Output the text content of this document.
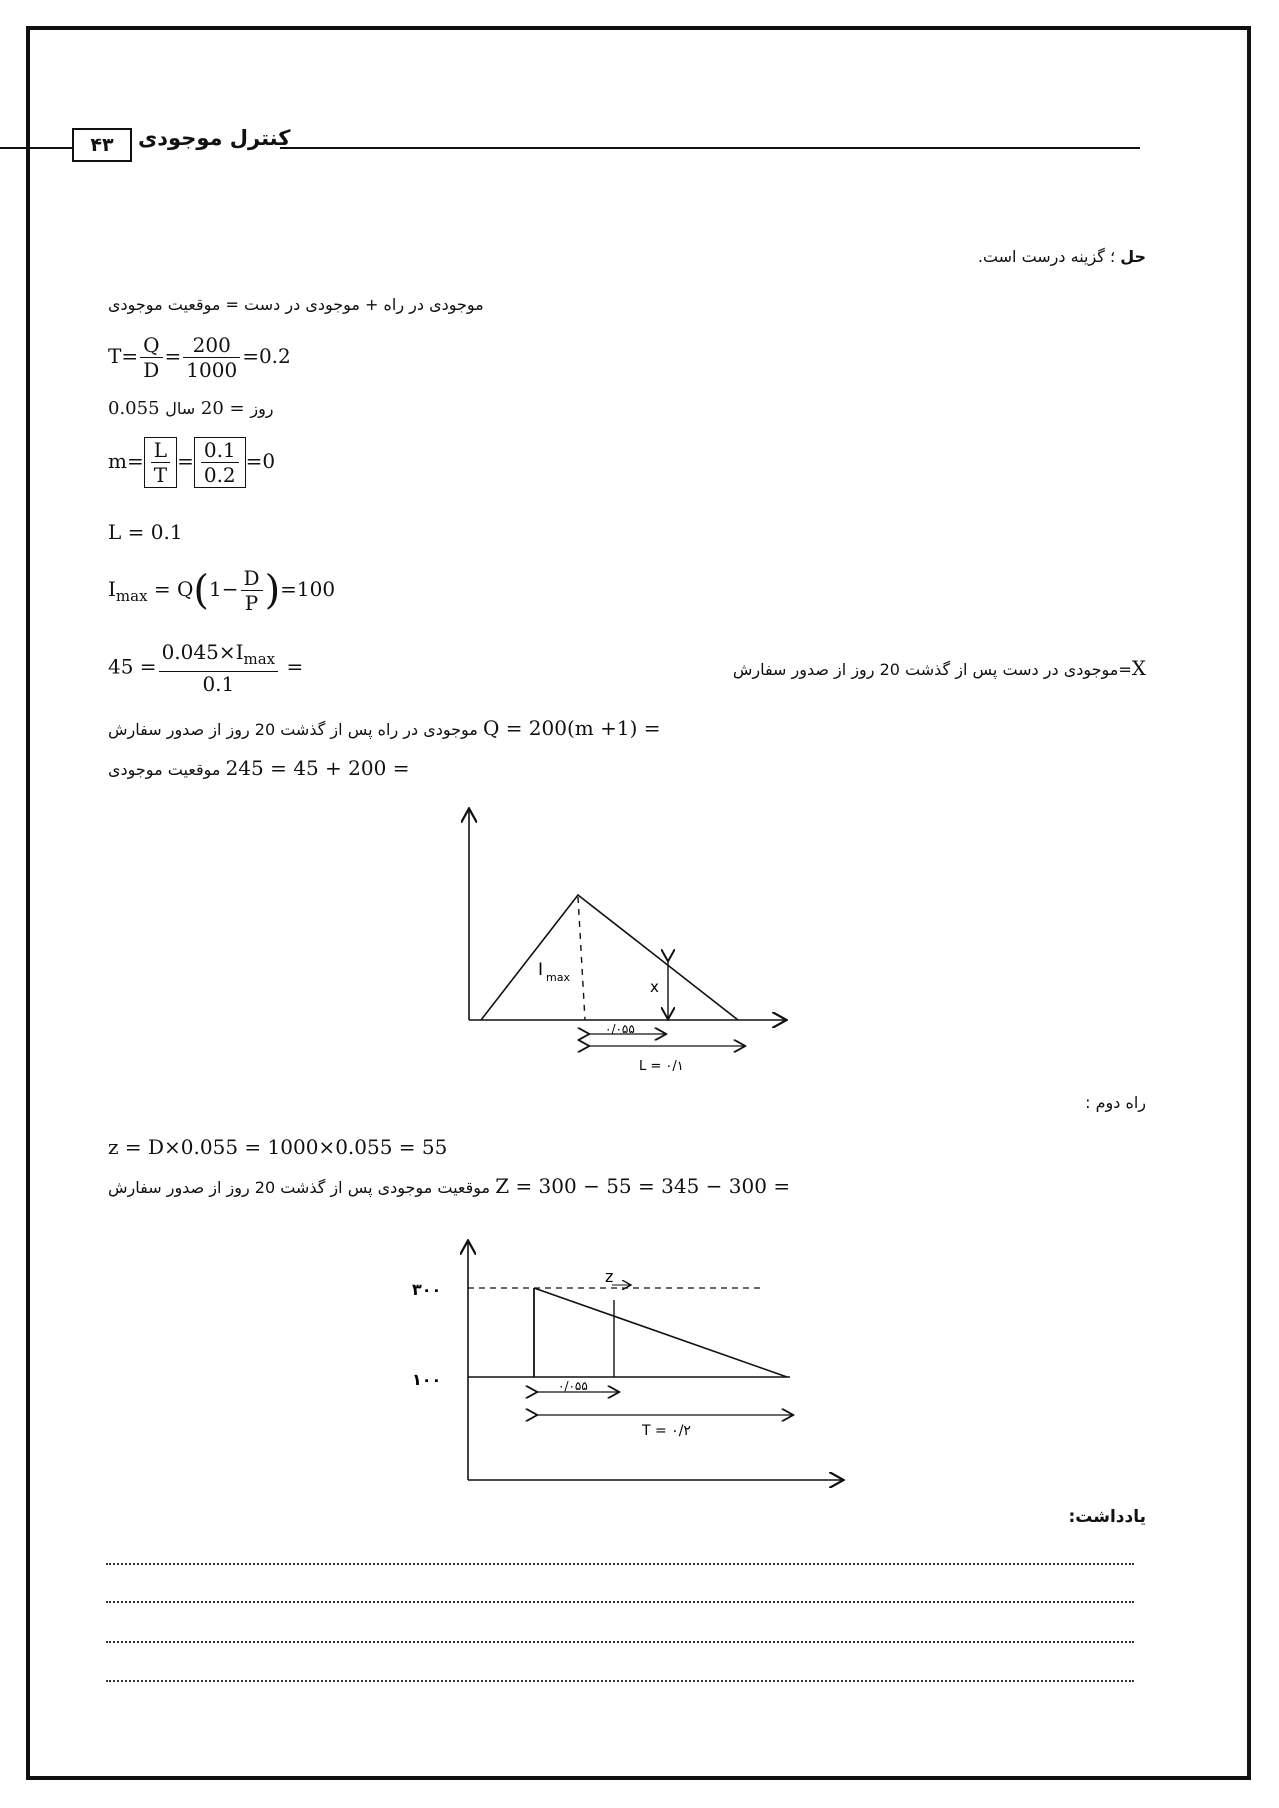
۴۳	کنترل موجودی
حل ؛ گزینه درست است.
موجودی در راه + موجودی در دست = موقعیت موجودی
$T= \frac{Q}{D} = \frac{200}{1000} =0.2$
روز = 20 سال 0.055
$m= \frac{L}{T} = \frac{0.1}{0.2} =0$
L = 0.1
$I_{max} = Q(1- \frac{D}{P} )=100$
$45 = \frac{0.045\times I_{max}}{0.1}$ =	X=موجودی در دست پس از گذشت 20 روز از صدور سفارش
= (m +1)Q = 200 موجودی در راه پس از گذشت 20 روز از صدور سفارش
= 200 + 45 = 245 موقعیت موجودی
I max
x
۰/۰۵۵
L = ۰/۱
راه دوم :
z = D×0.055 = 1000×0.055 = 55
= 300 − Z = 300 − 55 = 345 موقعیت موجودی پس از گذشت 20 روز از صدور سفارش
z
۳۰۰
۱۰۰	۰/۰۵۵
T = ۰/۲
یادداشت:
